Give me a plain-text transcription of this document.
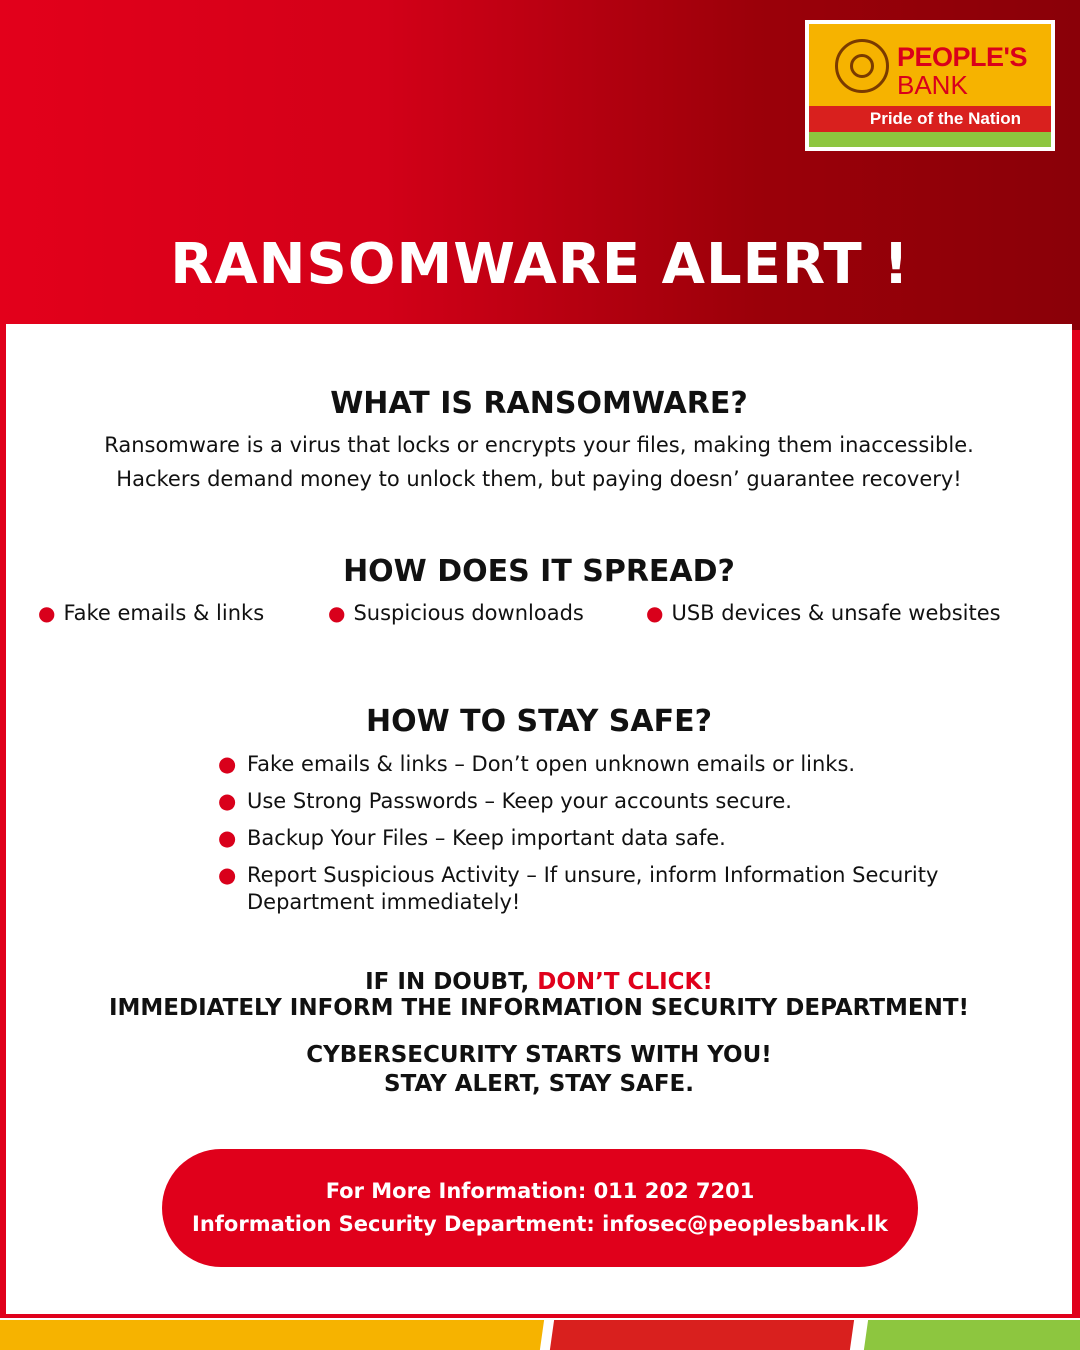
PEOPLE'S
BANK
Pride of the Nation
RANSOMWARE ALERT !
WHAT IS RANSOMWARE?
Ransomware is a virus that locks or encrypts your files, making them inaccessible.
Hackers demand money to unlock them, but paying doesn’ guarantee recovery!
HOW DOES IT SPREAD?
● Fake emails & links	● Suspicious downloads	● USB devices & unsafe websites
HOW TO STAY SAFE?
● Fake emails & links – Don’t open unknown emails or links.
● Use Strong Passwords – Keep your accounts secure.
● Backup Your Files – Keep important data safe.
● Report Suspicious Activity – If unsure, inform Information Security Department immediately!
IF IN DOUBT, DON’T CLICK!
IMMEDIATELY INFORM THE INFORMATION SECURITY DEPARTMENT!
CYBERSECURITY STARTS WITH YOU!
STAY ALERT, STAY SAFE.
For More Information: 011 202 7201
Information Security Department: infosec@peoplesbank.lk
